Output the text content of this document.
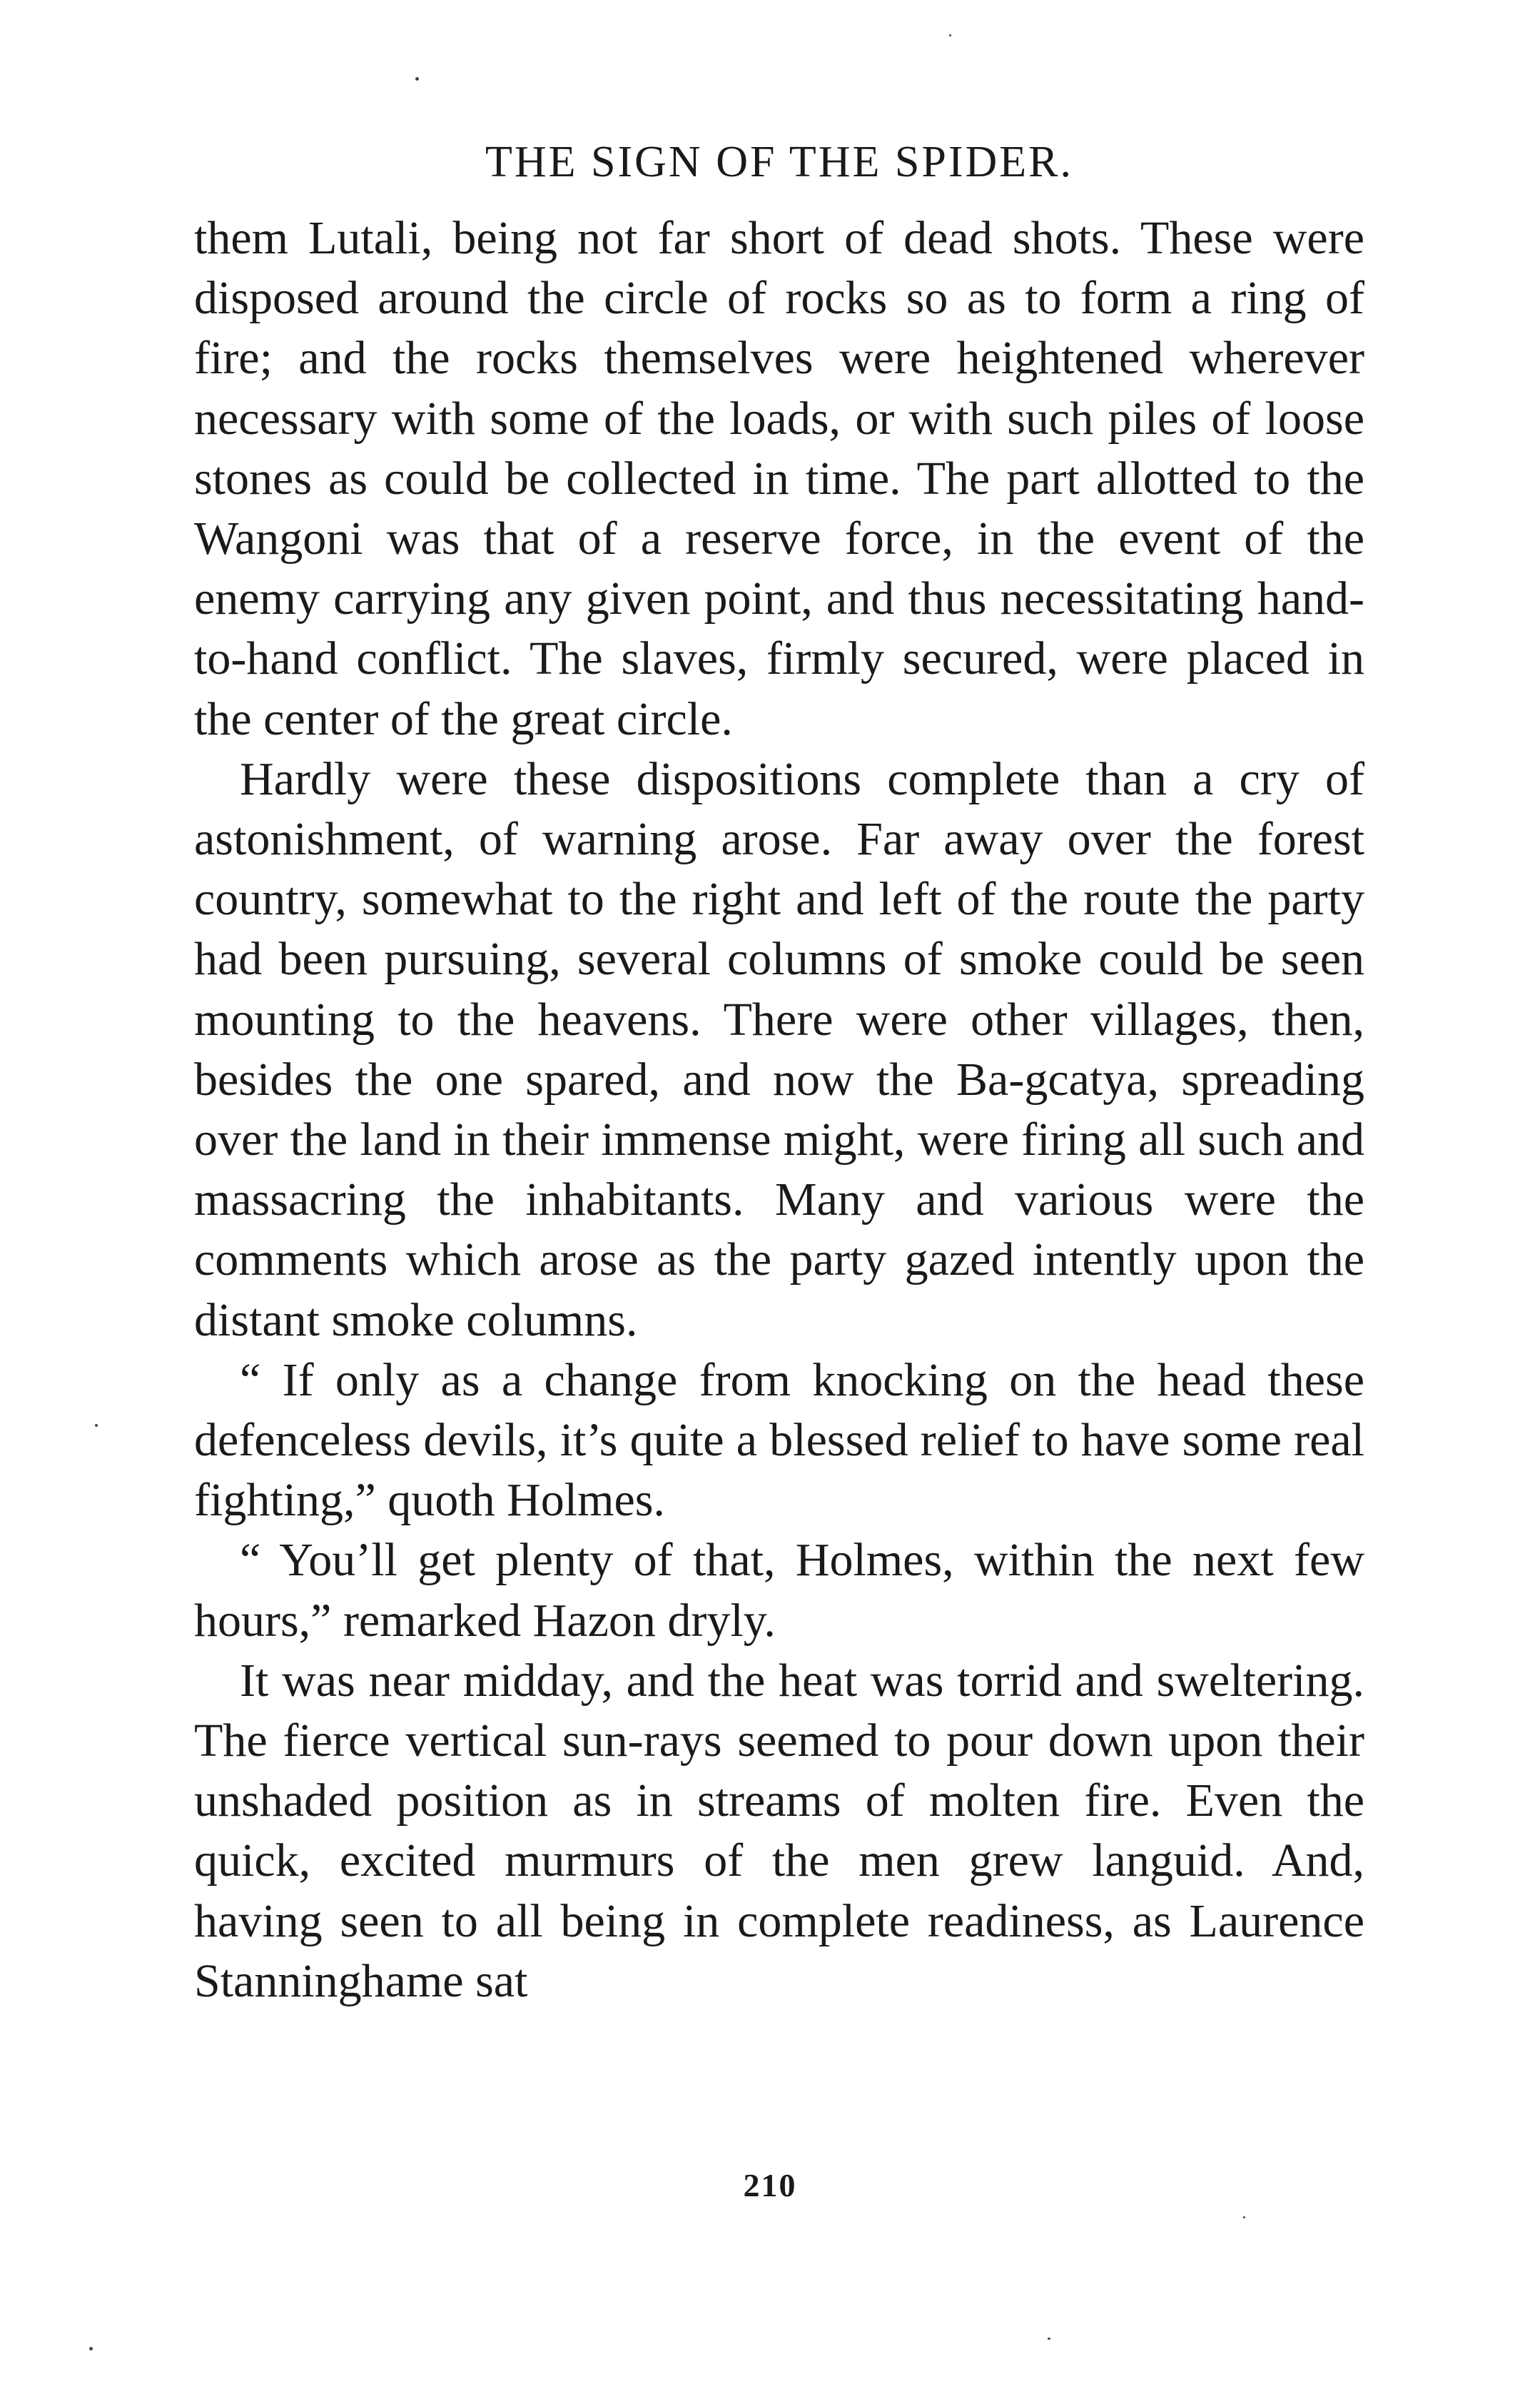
THE SIGN OF THE SPIDER.

them Lutali, being not far short of dead shots. These were disposed around the circle of rocks so as to form a ring of fire; and the rocks themselves were heightened wherever necessary with some of the loads, or with such piles of loose stones as could be collected in time. The part allotted to the Wangoni was that of a reserve force, in the event of the enemy carrying any given point, and thus necessitating hand-to-hand conflict. The slaves, firmly secured, were placed in the center of the great circle.

Hardly were these dispositions complete than a cry of astonishment, of warning arose. Far away over the forest country, somewhat to the right and left of the route the party had been pursuing, several columns of smoke could be seen mounting to the heavens. There were other villages, then, besides the one spared, and now the Ba-gcatya, spreading over the land in their immense might, were firing all such and massacring the inhabitants. Many and various were the comments which arose as the party gazed intently upon the distant smoke columns.

“ If only as a change from knocking on the head these defenceless devils, it’s quite a blessed relief to have some real fighting,” quoth Holmes.

“ You’ll get plenty of that, Holmes, within the next few hours,” remarked Hazon dryly.

It was near midday, and the heat was torrid and sweltering. The fierce vertical sun-rays seemed to pour down upon their unshaded position as in streams of molten fire. Even the quick, excited murmurs of the men grew languid. And, having seen to all being in complete readiness, as Laurence Stanninghame sat

210
